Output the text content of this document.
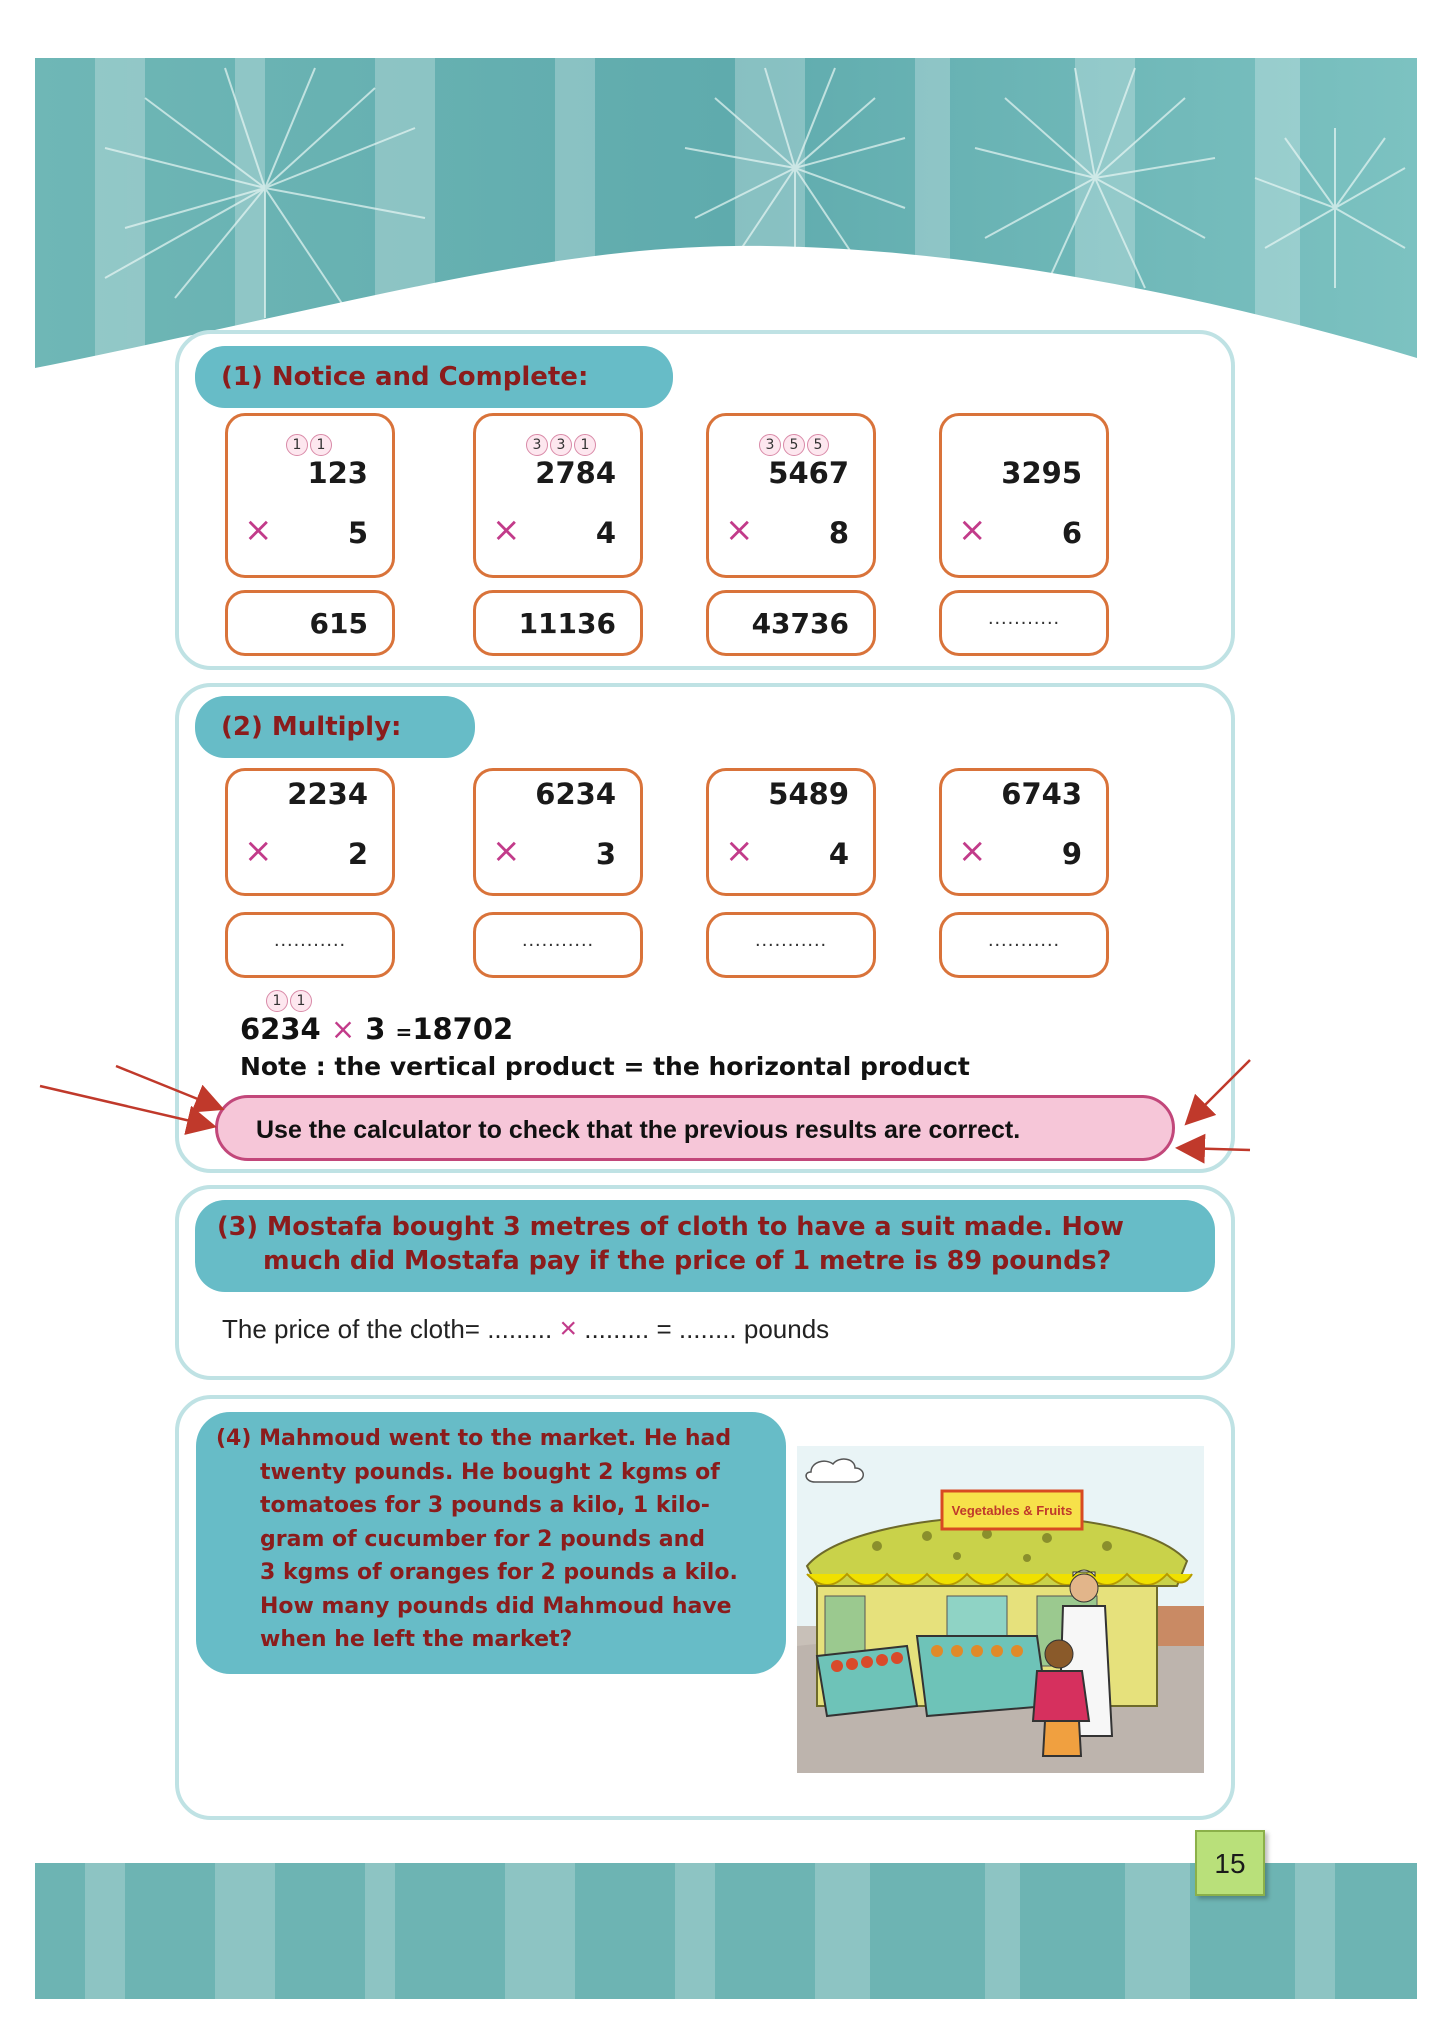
(1) Notice and Complete:
1	1
123
×	5
615
3	3	1
2784
×	4
11136
3	5	5
5467
×	8
43736
3295
×	6
...........
(2) Multiply:
2234
×	2
6234
×	3
5489
×	4
6743
×	9
...........	...........	...........	...........
1	1
6234 × 3 =18702
Note : the vertical product = the horizontal product
Use the calculator to check that the previous results are correct.
(3) Mostafa bought 3 metres of cloth to have a suit made. How
much did Mostafa pay if the price of 1 metre is 89 pounds?
The price of the cloth= ......... × ......... = ........ pounds
(4) Mahmoud went to the market. He had
twenty pounds. He bought 2 kgms of
tomatoes for 3 pounds a kilo, 1 kilo-
gram of cucumber for 2 pounds and
3 kgms of oranges for 2 pounds a kilo.
How many pounds did Mahmoud have
when he left the market?
Vegetables & Fruits
15
